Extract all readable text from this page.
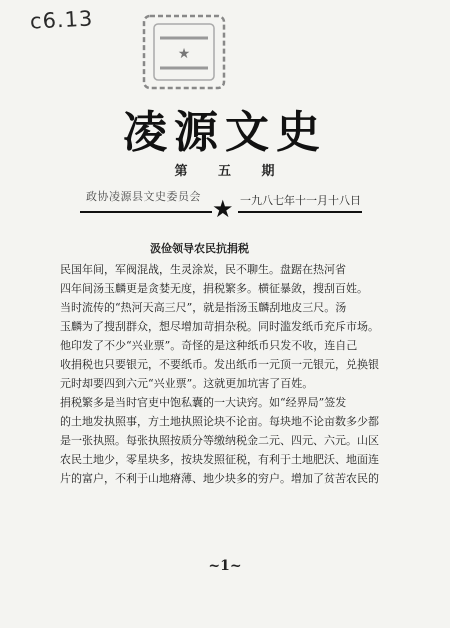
c6.13
★
凌源文史
第 五 期
政协凌源县文史委员会 ★ 一九八七年十一月十八日
汲俭领导农民抗捐税
民国年间，军阀混战，生灵涂炭，民不聊生。盘踞在热河省
四年间汤玉麟更是贪婪无度，捐税繁多。横征暴敛，搜刮百姓。
当时流传的“热河天高三尺”，就是指汤玉麟刮地皮三尺。汤
玉麟为了搜刮群众，想尽增加苛捐杂税。同时滥发纸币充斥市场。
他印发了不少“兴业票”。奇怪的是这种纸币只发不收，连自己
收捐税也只要银元，不要纸币。发出纸币一元顶一元银元，兑换银
元时却要四到六元“兴业票”。这就更加坑害了百姓。
捐税繁多是当时官吏中饱私囊的一大诀窍。如“经界局”签发
的土地发执照事，方土地执照论块不论亩。每块地不论亩数多少都
是一张执照。每张执照按质分等缴纳税金二元、四元、六元。山区
农民土地少，零星块多，按块发照征税，有利于土地肥沃、地面连
片的富户，不利于山地瘠薄、地少块多的穷户。增加了贫苦农民的
~1~
